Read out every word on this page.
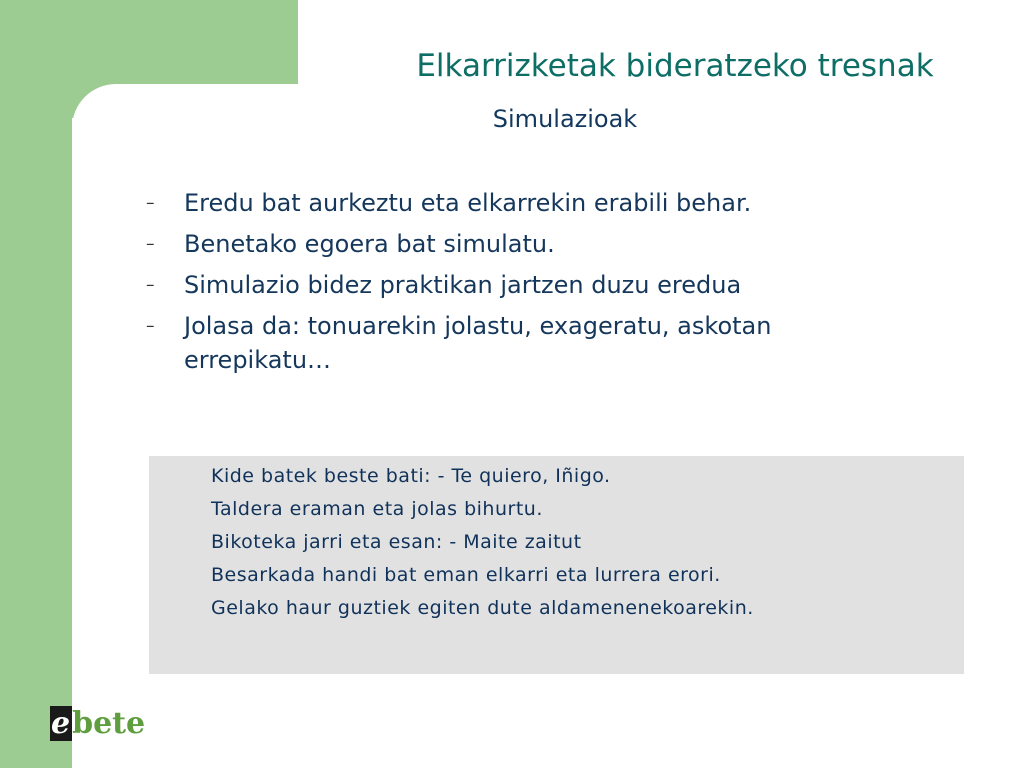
Elkarrizketak bideratzeko tresnak
Simulazioak
– Eredu bat aurkeztu eta elkarrekin erabili behar.
– Benetako egoera bat simulatu.
– Simulazio bidez praktikan jartzen duzu eredua
– Jolasa da: tonuarekin jolastu, exageratu, askotan errepikatu…
Kide batek beste bati: - Te quiero, Iñigo.
Taldera eraman eta jolas bihurtu.
Bikoteka jarri eta esan: - Maite zaitut
Besarkada handi bat eman elkarri eta lurrera erori.
Gelako haur guztiek egiten dute aldamenenekoarekin.
ebete
